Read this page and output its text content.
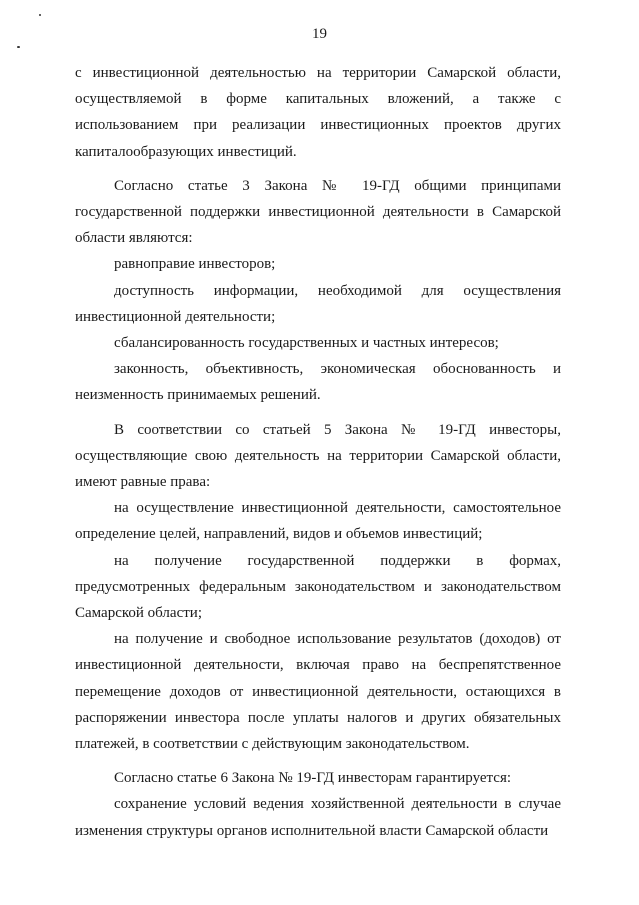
19

с инвестиционной деятельностью на территории Самарской области, осуществляемой в форме капитальных вложений, а также с использованием при реализации инвестиционных проектов других капиталообразующих инвестиций.

Согласно статье 3 Закона № 19-ГД общими принципами государственной поддержки инвестиционной деятельности в Самарской области являются:

равноправие инвесторов;

доступность информации, необходимой для осуществления инвестиционной деятельности;

сбалансированность государственных и частных интересов;

законность, объективность, экономическая обоснованность и неизменность принимаемых решений.

В соответствии со статьей 5 Закона № 19-ГД инвесторы, осуществляющие свою деятельность на территории Самарской области, имеют равные права:

на осуществление инвестиционной деятельности, самостоятельное определение целей, направлений, видов и объемов инвестиций;

на получение государственной поддержки в формах, предусмотренных федеральным законодательством и законодательством Самарской области;

на получение и свободное использование результатов (доходов) от инвестиционной деятельности, включая право на беспрепятственное перемещение доходов от инвестиционной деятельности, остающихся в распоряжении инвестора после уплаты налогов и других обязательных платежей, в соответствии с действующим законодательством.

Согласно статье 6 Закона № 19-ГД инвесторам гарантируется:

сохранение условий ведения хозяйственной деятельности в случае изменения структуры органов исполнительной власти Самарской области
